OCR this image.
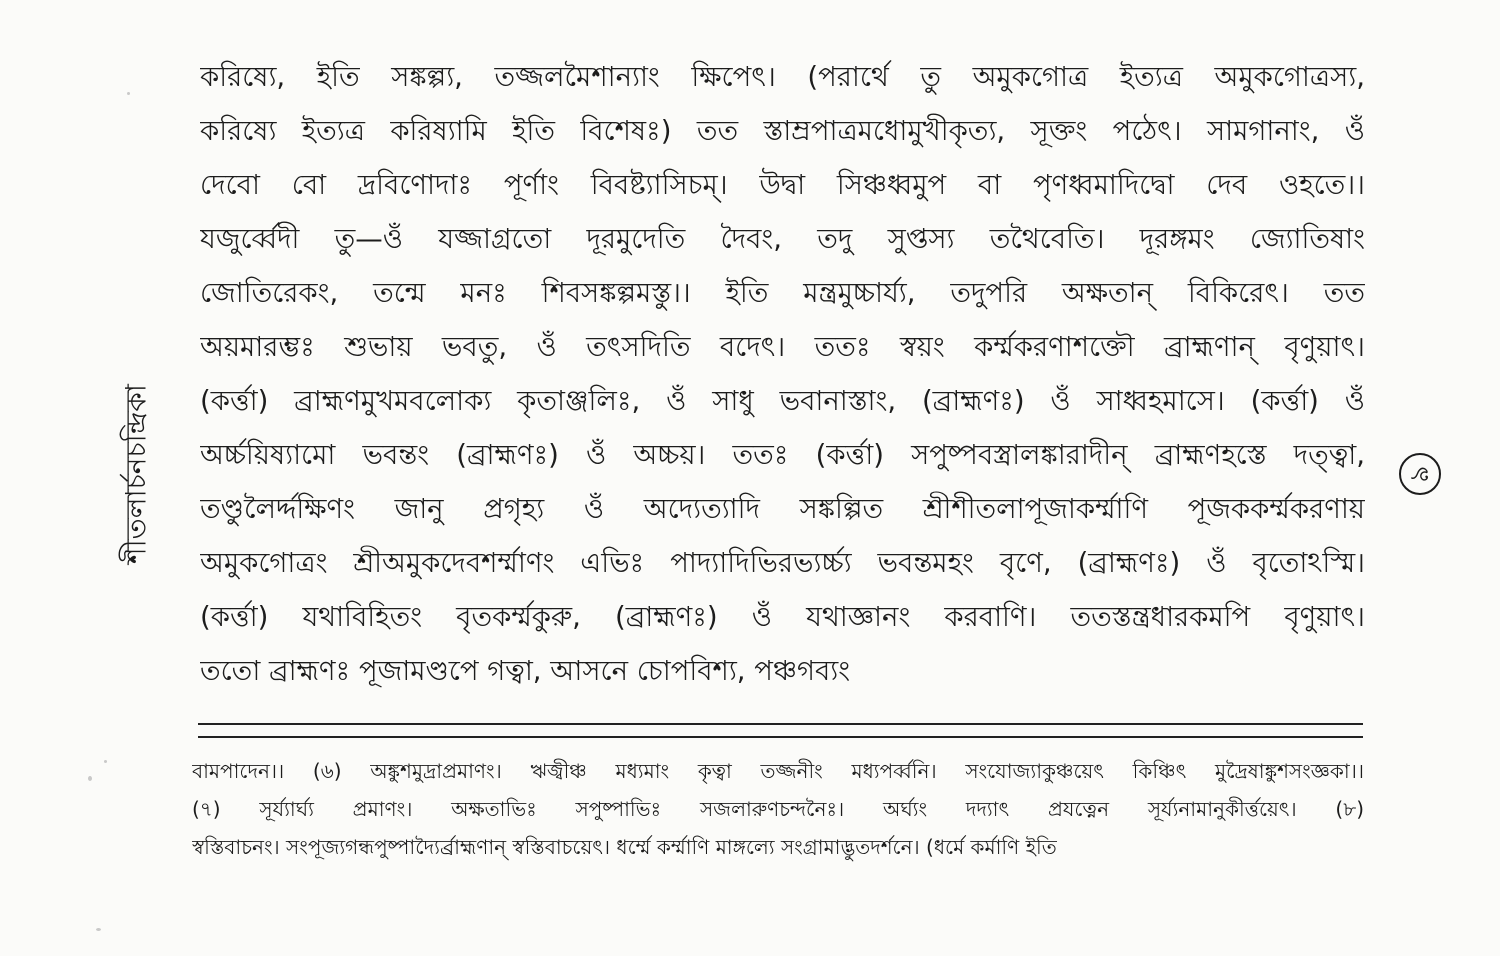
শীতলাৰ্চনচন্দ্ৰিকা
করিষ্যে, ইতি সঙ্কল্প্য, তজ্জলমৈশান্যাং ক্ষিপেৎ। (পরার্থে তু অমুকগোত্র ইত্যত্র অমুকগোত্রস্য,
করিষ্যে ইত্যত্র করিষ্যামি ইতি বিশেষঃ) তত স্তাম্রপাত্রমধোমুখীকৃত্য, সূক্তং পঠেৎ। সামগানাং, ওঁ
দেবো বো দ্রবিণোদাঃ পূর্ণাং বিবষ্ট্যাসিচম্। উদ্বা সিঞ্চধ্বমুপ বা পৃণধ্বমাদিদ্বো দেব ওহতে।।
যজুর্ব্বেদী তু—ওঁ যজ্জাগ্রতো দূরমুদেতি দৈবং, তদু সুপ্তস্য তথৈবেতি। দূরঙ্গমং জ্যোতিষাং
জোতিরেকং, তন্মে মনঃ শিবসঙ্কল্পমস্তু।। ইতি মন্ত্রমুচ্চার্য্য, তদুপরি অক্ষতান্ বিকিরেৎ। তত
অয়মারম্ভঃ শুভায় ভবতু, ওঁ তৎসদিতি বদেৎ। ততঃ স্বয়ং কর্ম্মকরণাশক্তৌ ব্রাহ্মণান্ বৃণুয়াৎ।
(কর্ত্তা) ব্রাহ্মণমুখমবলোক্য কৃতাঞ্জলিঃ, ওঁ সাধু ভবানাস্তাং, (ব্রাহ্মণঃ) ওঁ সাধ্বহমাসে। (কর্ত্তা) ওঁ
অর্চ্চয়িষ্যামো ভবন্তং (ব্রাহ্মণঃ) ওঁ অচ্চয়। ততঃ (কর্ত্তা) সপুষ্পবস্ত্রালঙ্কারাদীন্ ব্রাহ্মণহস্তে দত্ত্বা,
তণ্ডুলৈর্দ্দক্ষিণং জানু প্রগৃহ্য ওঁ অদ্যেত্যাদি সঙ্কল্পিত শ্রীশীতলাপূজাকর্ম্মাণি পূজককর্ম্মকরণায়
অমুকগোত্রং শ্রীঅমুকদেবশর্ম্মাণং এভিঃ পাদ্যাদিভিরভ্যর্চ্চ্য ভবন্তমহং বৃণে, (ব্রাহ্মণঃ) ওঁ বৃতোঽস্মি।
(কর্ত্তা) যথাবিহিতং বৃতকর্ম্মকুরু, (ব্রাহ্মণঃ) ওঁ যথাজ্ঞানং করবাণি। ততস্তন্ত্রধারকমপি বৃণুয়াৎ।
ততো ব্রাহ্মণঃ পূজামণ্ডপে গত্বা, আসনে চোপবিশ্য, পঞ্চগব্যং
৯
বামপাদেন।। (৬) অঙ্কুশমুদ্রাপ্রমাণং। ঋজ্বীঞ্চ মধ্যমাং কৃত্বা তজ্জনীং মধ্যপৰ্ব্বনি। সংযোজ্যাকুঞ্চয়েৎ কিঞ্চিৎ মুদ্রৈষাঙ্কুশসংজ্ঞকা।।
(৭) সূর্য্যার্ঘ্য প্রমাণং। অক্ষতাভিঃ সপুষ্পাভিঃ সজলারুণচন্দনৈঃ। অর্ঘ্যং দদ্যাৎ প্রযত্নেন সূর্য্যনামানুকীর্ত্তয়েৎ। (৮)
স্বস্তিবাচনং। সংপূজ্যগন্ধপুষ্পাদ্যৈর্ব্রাহ্মণান্ স্বস্তিবাচয়েৎ। ধর্ম্মে কর্ম্মাণি মাঙ্গল্যে সংগ্রামাদ্ভুতদর্শনে। (ধর্মে কর্মাণি ইতি
